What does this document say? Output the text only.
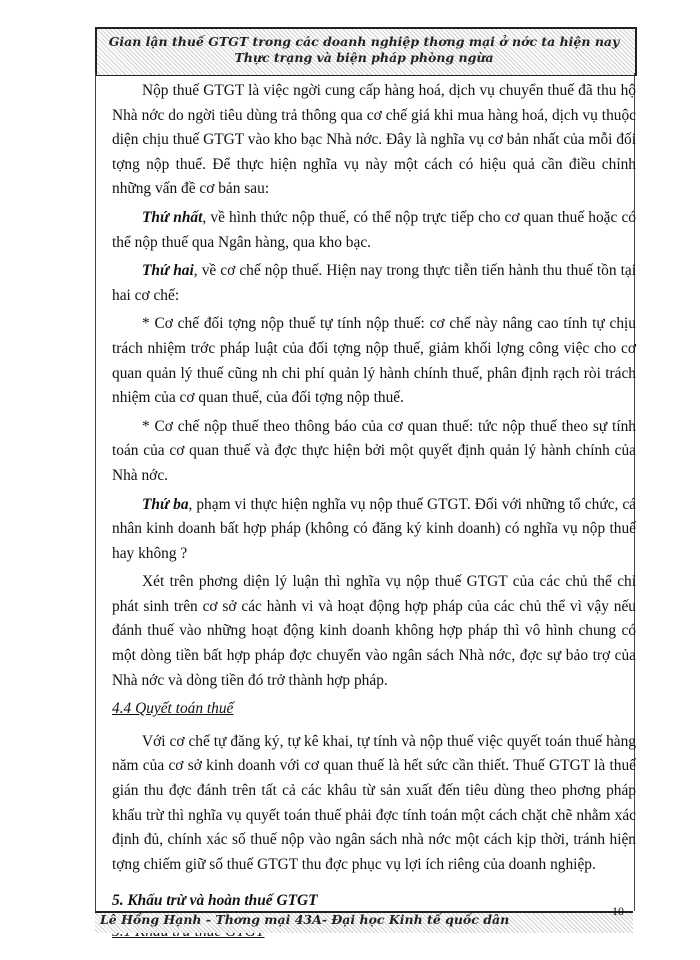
Gian lận thuế GTGT trong các doanh nghiệp thơng mại ở nớc ta hiện nay
Thực trạng và biện pháp phòng ngừa

Nộp thuế GTGT là việc ngời cung cấp hàng hoá, dịch vụ chuyển thuế đã thu hộ Nhà nớc do ngời tiêu dùng trả thông qua cơ chế giá khi mua hàng hoá, dịch vụ thuộc diện chịu thuế GTGT vào kho bạc Nhà nớc. Đây là nghĩa vụ cơ bản nhất của mỗi đối tợng nộp thuế. Để thực hiện nghĩa vụ này một cách có hiệu quả cần điều chỉnh những vấn đề cơ bản sau:

Thứ nhất, về hình thức nộp thuế, có thể nộp trực tiếp cho cơ quan thuế hoặc có thể nộp thuế qua Ngân hàng, qua kho bạc.

Thứ hai, về cơ chế nộp thuế. Hiện nay trong thực tiễn tiến hành thu thuế tồn tại hai cơ chế:

* Cơ chế đối tợng nộp thuế tự tính nộp thuế: cơ chế này nâng cao tính tự chịu trách nhiệm trớc pháp luật của đối tợng nộp thuế, giảm khối lợng công việc cho cơ quan quản lý thuế cũng nh chi phí quản lý hành chính thuế, phân định rạch ròi trách nhiệm của cơ quan thuế, của đối tợng nộp thuế.

* Cơ chế nộp thuế theo thông báo của cơ quan thuế: tức nộp thuế theo sự tính toán của cơ quan thuế và đợc thực hiện bởi một quyết định quản lý hành chính của Nhà nớc.

Thứ ba, phạm vi thực hiện nghĩa vụ nộp thuế GTGT. Đối với những tổ chức, cá nhân kinh doanh bất hợp pháp (không có đăng ký kinh doanh) có nghĩa vụ nộp thuế hay không ?

Xét trên phơng diện lý luận thì nghĩa vụ nộp thuế GTGT của các chủ thể chỉ phát sinh trên cơ sở các hành vi và hoạt động hợp pháp của các chủ thể vì vậy nếu đánh thuế vào những hoạt động kinh doanh không hợp pháp thì vô hình chung có một dòng tiền bất hợp pháp đợc chuyển vào ngân sách Nhà nớc, đợc sự bảo trợ của Nhà nớc và dòng tiền đó trở thành hợp pháp.

4.4 Quyết toán thuế

Với cơ chế tự đăng ký, tự kê khai, tự tính và nộp thuế việc quyết toán thuế hàng năm của cơ sở kinh doanh với cơ quan thuế là hết sức cần thiết. Thuế GTGT là thuế gián thu đợc đánh trên tất cả các khâu từ sản xuất đến tiêu dùng theo phơng pháp khấu trừ thì nghĩa vụ quyết toán thuế phải đợc tính toán một cách chặt chẽ nhằm xác định đủ, chính xác số thuế nộp vào ngân sách nhà nớc một cách kịp thời, tránh hiện tợng chiếm giữ số thuế GTGT thu đợc phục vụ lợi ích riêng của doanh nghiệp.

5. Khấu trừ và hoàn thuế GTGT
Lê Hồng Hạnh - Thơng mại 43A- Đại học Kinh tế quốc dân
10
